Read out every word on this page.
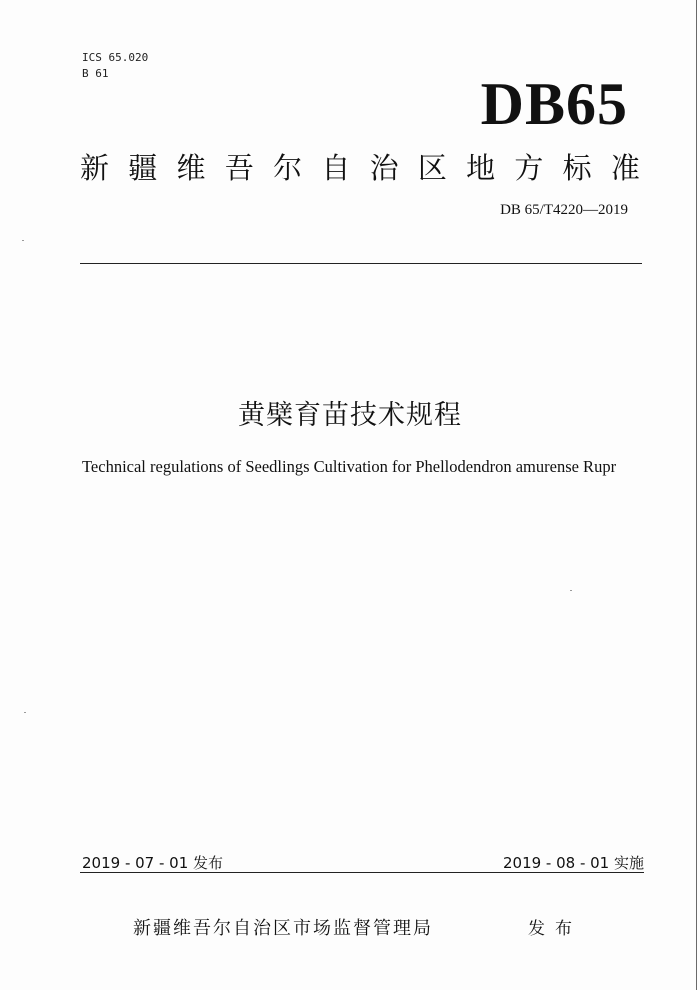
ICS 65.020
B 61	DB65
新 疆 维 吾 尔 自 治 区 地 方 标 准
DB 65/T4220—2019
黄檗育苗技术规程
Technical regulations of Seedlings Cultivation for Phellodendron amurense Rupr
2019 - 07 - 01 发布	2019 - 08 - 01 实施
新疆维吾尔自治区市场监督管理局	发布
